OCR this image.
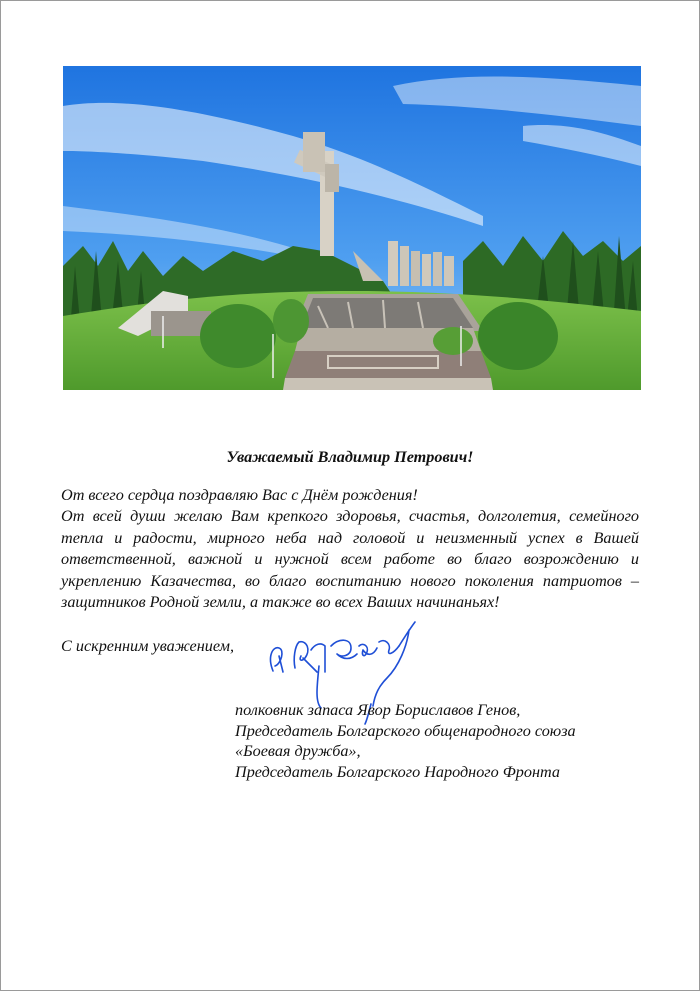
Уважаемый Владимир Петрович!

От всего сердца поздравляю Вас с Днём рождения!

От всей души желаю Вам крепкого здоровья, счастья, долголетия, семейного тепла и радости, мирного неба над головой и неизменный успех в Вашей ответственной, важной и нужной всем работе во благо возрождению и укреплению Казачества, во благо воспитанию нового поколения патриотов – защитников Родной земли, а также во всех Ваших начинаньях!

С искренним уважением,

полковник запаса Явор Бориславов Генов,
Председатель Болгарского общенародного союза
«Боевая дружба»,
Председатель Болгарского Народного Фронта
